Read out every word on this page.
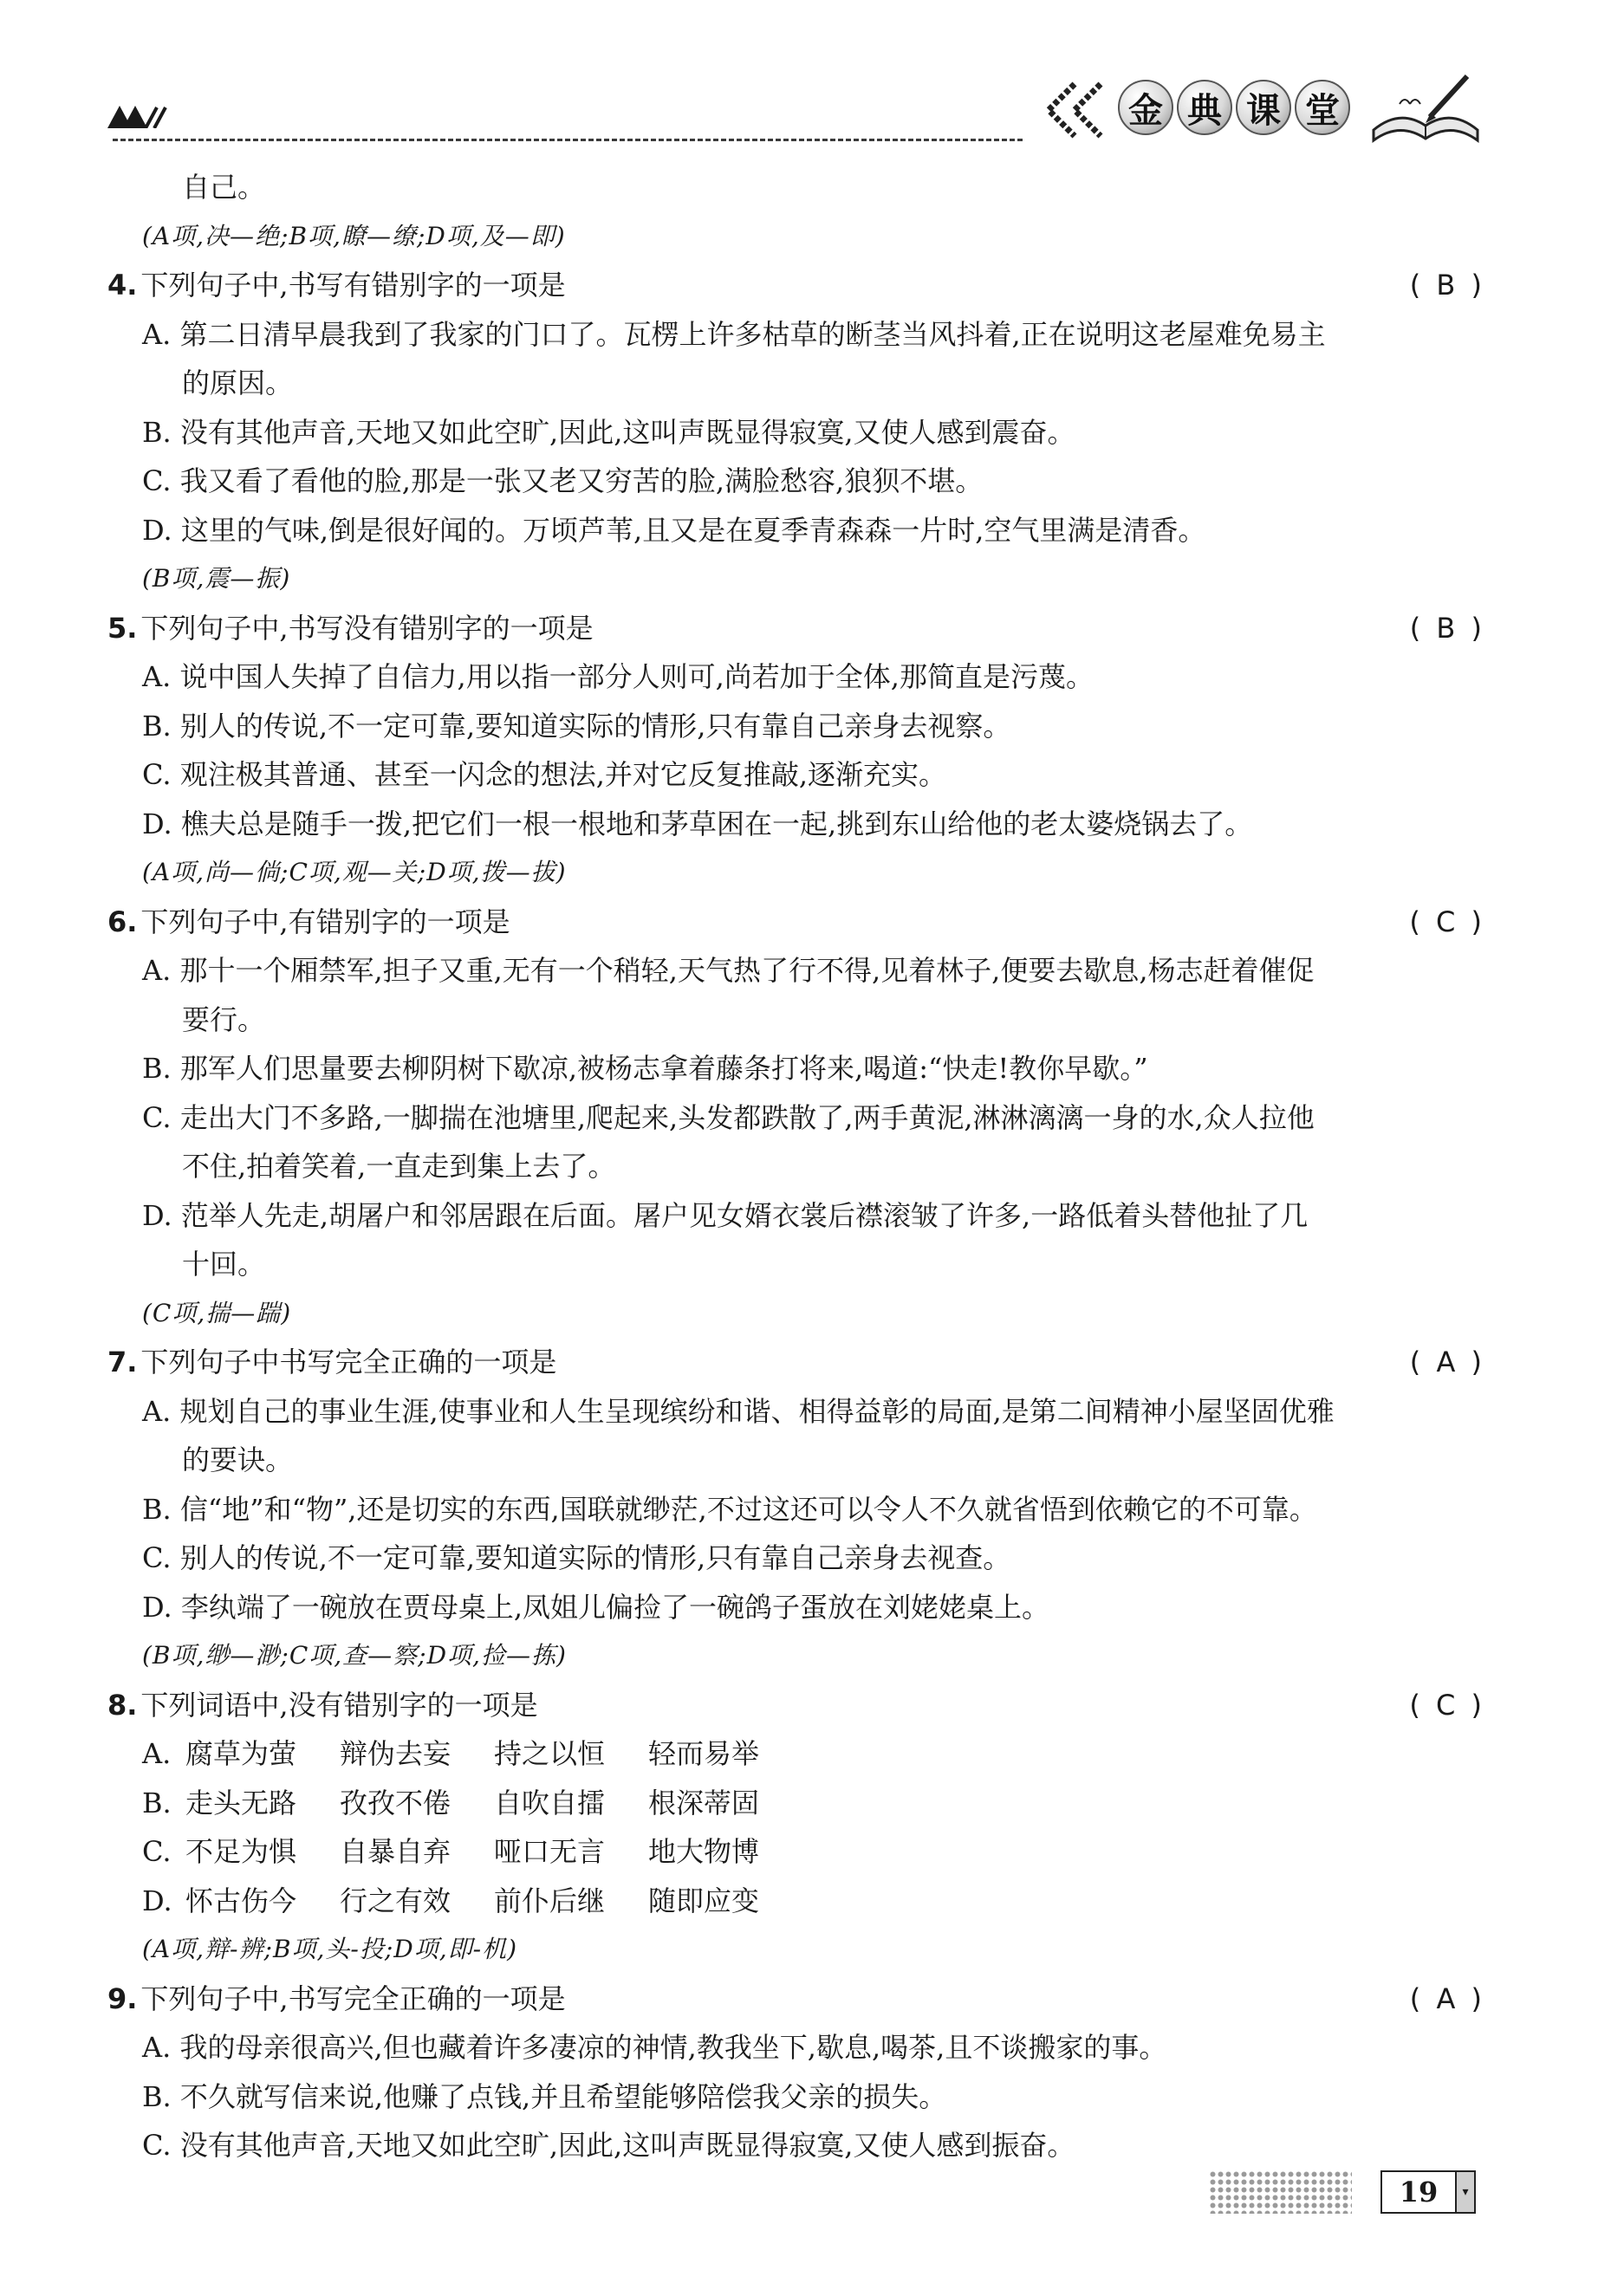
金 典 课 堂
自己。
(A项,决—绝;B项,瞭—缭;D项,及—即)
4. 下列句子中,书写有错别字的一项是	( B )
A. 第二日清早晨我到了我家的门口了。瓦楞上许多枯草的断茎当风抖着,正在说明这老屋难免易主
的原因。
B. 没有其他声音,天地又如此空旷,因此,这叫声既显得寂寞,又使人感到震奋。
C. 我又看了看他的脸,那是一张又老又穷苦的脸,满脸愁容,狼狈不堪。
D. 这里的气味,倒是很好闻的。万顷芦苇,且又是在夏季青森森一片时,空气里满是清香。
(B项,震—振)
5. 下列句子中,书写没有错别字的一项是	( B )
A. 说中国人失掉了自信力,用以指一部分人则可,尚若加于全体,那简直是污蔑。
B. 别人的传说,不一定可靠,要知道实际的情形,只有靠自己亲身去视察。
C. 观注极其普通、甚至一闪念的想法,并对它反复推敲,逐渐充实。
D. 樵夫总是随手一拨,把它们一根一根地和茅草困在一起,挑到东山给他的老太婆烧锅去了。
(A项,尚—倘;C项,观—关;D项,拨—拔)
6. 下列句子中,有错别字的一项是	( C )
A. 那十一个厢禁军,担子又重,无有一个稍轻,天气热了行不得,见着林子,便要去歇息,杨志赶着催促
要行。
B. 那军人们思量要去柳阴树下歇凉,被杨志拿着藤条打将来,喝道:“快走!教你早歇。”
C. 走出大门不多路,一脚揣在池塘里,爬起来,头发都跌散了,两手黄泥,淋淋漓漓一身的水,众人拉他
不住,拍着笑着,一直走到集上去了。
D. 范举人先走,胡屠户和邻居跟在后面。屠户见女婿衣裳后襟滚皱了许多,一路低着头替他扯了几
十回。
(C项,揣—踹)
7. 下列句子中书写完全正确的一项是	( A )
A. 规划自己的事业生涯,使事业和人生呈现缤纷和谐、相得益彰的局面,是第二间精神小屋坚固优雅
的要诀。
B. 信“地”和“物”,还是切实的东西,国联就缈茫,不过这还可以令人不久就省悟到依赖它的不可靠。
C. 别人的传说,不一定可靠,要知道实际的情形,只有靠自己亲身去视查。
D. 李纨端了一碗放在贾母桌上,凤姐儿偏捡了一碗鸽子蛋放在刘姥姥桌上。
(B项,缈—渺;C项,查—察;D项,捡—拣)
8. 下列词语中,没有错别字的一项是	( C )
A. 腐草为萤	辩伪去妄	持之以恒	轻而易举
B. 走头无路	孜孜不倦	自吹自擂	根深蒂固
C. 不足为惧	自暴自弃	哑口无言	地大物博
D. 怀古伤今	行之有效	前仆后继	随即应变
(A项,辩-辨;B项,头-投;D项,即-机)
9. 下列句子中,书写完全正确的一项是	( A )
A. 我的母亲很高兴,但也藏着许多凄凉的神情,教我坐下,歇息,喝茶,且不谈搬家的事。
B. 不久就写信来说,他赚了点钱,并且希望能够陪偿我父亲的损失。
C. 没有其他声音,天地又如此空旷,因此,这叫声既显得寂寞,又使人感到振奋。
19	▾
